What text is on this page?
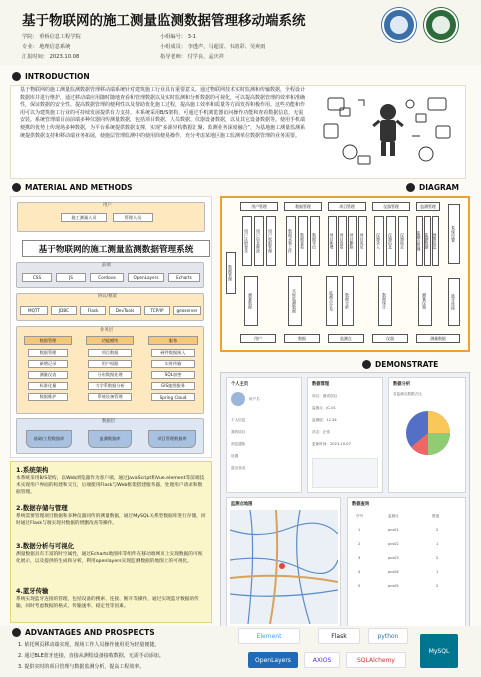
基于物联网的施工测量监测数据管理移动端系统
学院： 垂桥信息工程学院
专业： 地理信息系统
汇报时间： 2023.10.08
小组编号： 3-1
小组成员： 李透声、马超雷、韦韵彩、吴爽雨
指导老师： 付学良、孟庆祥
INTRODUCTION
基于物联网的施工测量监测数据管理移动端系统针对建筑施工行业具有重要意义。通过物联网技术实时监测和传输数据，全程设计数据库并进行维护，通过移动端应用随时随地查看和管理数据以及实时监测和分析数据的可视化，可以提高数据管理的效率和准确性，保证数据的安全性。提高数据管理的便利性以及帮助优化施工过程，提高施工效率和质量等方面发挥积极作用。这些功能和作用可以为建筑施工行业的可持续发展提供有力支持。本系统采用B/S架构，可通过手机浏览器访问操作功能和查看数据信息，无需安装。系统管理端目前前端多种仪器同传测量数据，包括项目数据、人员数据、仪器设备数据，以及其它设备数据等。使用手机端便携的优势上传现场多种数据，为平台系统提供数据支撑，实现“多源异构数据汇聚、监测业务深度融合”，为基地施工测量监测系统提供数据支持和移动端业务拓展，使施层管理监测中的使用简便易操作，充分考虑某地区施工监测单位数据管理的业务需要。
MATERIAL AND METHODS
用户
施工测量人员	管理人员
基于物联网的施工测量监测数据管理系统
前端
CSS	JS	Cordova	OpenLayers	Echarts
协议/框架
MQTT	JDBC	Flask	DevTools	TCP/IP	geoserver
业务层
数据管理	功能模块	服务
数据管理
新增记录
测量仪表
标准化量
数据维护
项目数据
用户权限
分布数据处理
力学系数据分析
系统设备管理
硬件数据接入
实时传输
SQL加密
GIS地图服务
Spring Cloud
数据层
基础/工程数据库	监测数据库	项目管理数据库
1.系统架构
本系统采用B/S架构，以Web浏览器作为客户端，通过JavaScript和Vue.element等前端技术实现用户界面的构建和交互，后端使用Flask与Web框架搭建服务器，处理用户请求和数据管理。
2.数据存储与管理
系统需要管理项目数据和多种仪器同传的测量数据，通过MySQL关系型数据库进行存储，同时通过Flask与端实现对数据的增删改查等操作。
3.数据分析与可视化
测量数据具有丰富的时空属性，通过Echarts地图库等组件在移动端网页上实现数据的可视化展示，以及提供的生成和分析，利用openlayers实现监测数据的地图上的可视化。
4.蓝牙传输
系统实现蓝牙连接的管理，包括设备的搜索、连接、断开等操作，通过实现蓝牙数据的传输，同时考虑数据的格式、传输速率、稳定性等因素。
DIAGRAM
数据管理
用户管理	数据管理	项目管理	仪器管理	监测管理
用户注册登录	用户信息修改	用户权限管理	数据采集上传	数据查看	数据导出	项目新增	项目查看	项目删除	项目成员	仪器录入	仪器信息	仪器检定	监测点管理 监测数据 预警信息	系统设置
蓝牙连接
测量数据	实时监测数据	监测点分布	数据分析	数据统计	测量仪器
用户	数据	监测点	仪器	测量数据
DEMONSTRATE
个人主页
用户名
个人信息
我的项目
消息通知
设置
退出登录
数据管理
项目：测试项目
监测点：JC-01
监测值：12.34
状态：正常
更新时间：2023-10-07
数据分析
各监测点数据占比
监测点地图	数据查询
序号	监测点	数值
1	pcs01	2
2	pcs02	1
3	pcs03	2
4	pcs04	1
5	pcs05	2
ADVANTAGES AND PROSPECTS
1. 依托网页移动端实现，现场工作人员操作使用更为轻量便捷。
2. 通过BLE蓝牙连接，直接从测绘设备接收数据，无需手动添加。
3. 提供实时的项目管理与数据监测分析，提高工程效率。
Element	Flask	python
OpenLayers	AXIOS	SQLAlchemy
MySQL
